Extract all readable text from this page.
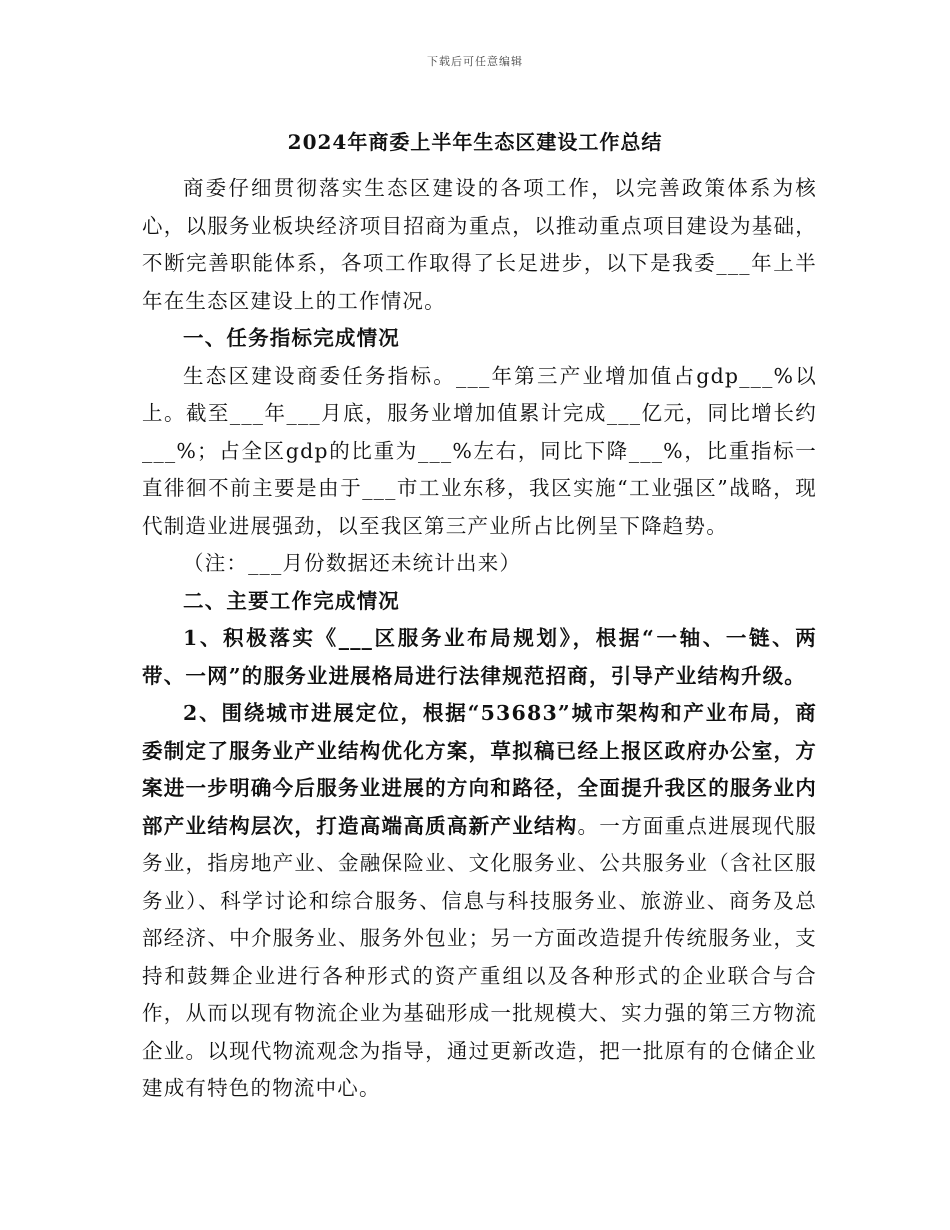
下载后可任意编辑
2024年商委上半年生态区建设工作总结

商委仔细贯彻落实生态区建设的各项工作，以完善政策体系为核心，以服务业板块经济项目招商为重点，以推动重点项目建设为基础，不断完善职能体系，各项工作取得了长足进步，以下是我委___年上半年在生态区建设上的工作情况。

一、任务指标完成情况

生态区建设商委任务指标。___年第三产业增加值占gdp___%以上。截至___年___月底，服务业增加值累计完成___亿元，同比增长约___%；占全区gdp的比重为___%左右，同比下降___%，比重指标一直徘徊不前主要是由于___市工业东移，我区实施“工业强区”战略，现代制造业进展强劲，以至我区第三产业所占比例呈下降趋势。

（注：___月份数据还未统计出来）

二、主要工作完成情况

1、积极落实《___区服务业布局规划》，根据“一轴、一链、两带、一网”的服务业进展格局进行法律规范招商，引导产业结构升级。

2、围绕城市进展定位，根据“53683”城市架构和产业布局，商委制定了服务业产业结构优化方案，草拟稿已经上报区政府办公室，方案进一步明确今后服务业进展的方向和路径，全面提升我区的服务业内部产业结构层次，打造高端高质高新产业结构。一方面重点进展现代服务业，指房地产业、金融保险业、文化服务业、公共服务业（含社区服务业）、科学讨论和综合服务、信息与科技服务业、旅游业、商务及总部经济、中介服务业、服务外包业；另一方面改造提升传统服务业，支持和鼓舞企业进行各种形式的资产重组以及各种形式的企业联合与合作，从而以现有物流企业为基础形成一批规模大、实力强的第三方物流企业。以现代物流观念为指导，通过更新改造，把一批原有的仓储企业建成有特色的物流中心。
